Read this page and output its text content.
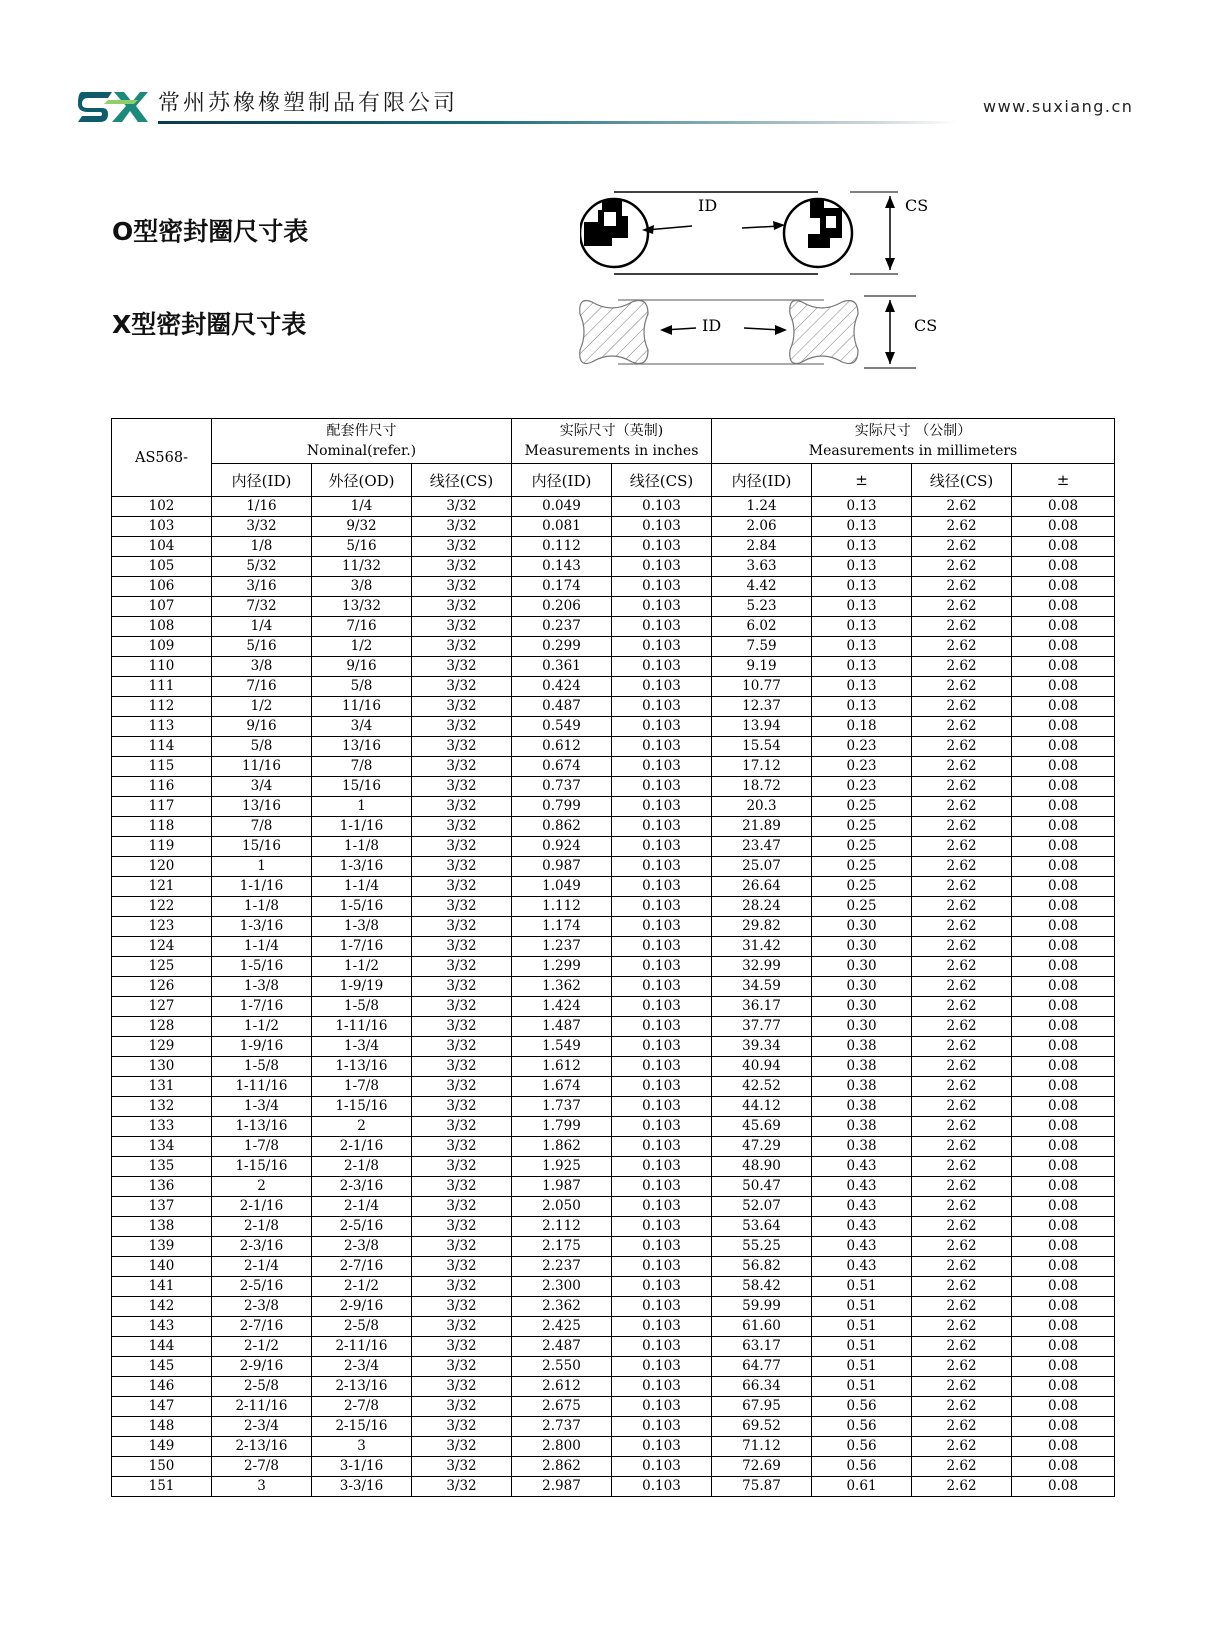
常州苏橡橡塑制品有限公司	www.suxiang.cn
O型密封圈尺寸表
X型密封圈尺寸表
ID	CS
ID	CS
AS568-	配套件尺寸
Nominal(refer.)			实际尺寸（英制)
Measurements in inches		实际尺寸 （公制）
Measurements in millimeters			

	内径(ID)	外径(OD)	线径(CS)	内径(ID)	线径(CS)	内径(ID)	±	线径(CS)	±
102	1/16	1/4	3/32	0.049	0.103	1.24	0.13	2.62	0.08
103	3/32	9/32	3/32	0.081	0.103	2.06	0.13	2.62	0.08
104	1/8	5/16	3/32	0.112	0.103	2.84	0.13	2.62	0.08
105	5/32	11/32	3/32	0.143	0.103	3.63	0.13	2.62	0.08
106	3/16	3/8	3/32	0.174	0.103	4.42	0.13	2.62	0.08
107	7/32	13/32	3/32	0.206	0.103	5.23	0.13	2.62	0.08
108	1/4	7/16	3/32	0.237	0.103	6.02	0.13	2.62	0.08
109	5/16	1/2	3/32	0.299	0.103	7.59	0.13	2.62	0.08
110	3/8	9/16	3/32	0.361	0.103	9.19	0.13	2.62	0.08
111	7/16	5/8	3/32	0.424	0.103	10.77	0.13	2.62	0.08
112	1/2	11/16	3/32	0.487	0.103	12.37	0.13	2.62	0.08
113	9/16	3/4	3/32	0.549	0.103	13.94	0.18	2.62	0.08
114	5/8	13/16	3/32	0.612	0.103	15.54	0.23	2.62	0.08
115	11/16	7/8	3/32	0.674	0.103	17.12	0.23	2.62	0.08
116	3/4	15/16	3/32	0.737	0.103	18.72	0.23	2.62	0.08
117	13/16	1	3/32	0.799	0.103	20.3	0.25	2.62	0.08
118	7/8	1-1/16	3/32	0.862	0.103	21.89	0.25	2.62	0.08
119	15/16	1-1/8	3/32	0.924	0.103	23.47	0.25	2.62	0.08
120	1	1-3/16	3/32	0.987	0.103	25.07	0.25	2.62	0.08
121	1-1/16	1-1/4	3/32	1.049	0.103	26.64	0.25	2.62	0.08
122	1-1/8	1-5/16	3/32	1.112	0.103	28.24	0.25	2.62	0.08
123	1-3/16	1-3/8	3/32	1.174	0.103	29.82	0.30	2.62	0.08
124	1-1/4	1-7/16	3/32	1.237	0.103	31.42	0.30	2.62	0.08
125	1-5/16	1-1/2	3/32	1.299	0.103	32.99	0.30	2.62	0.08
126	1-3/8	1-9/19	3/32	1.362	0.103	34.59	0.30	2.62	0.08
127	1-7/16	1-5/8	3/32	1.424	0.103	36.17	0.30	2.62	0.08
128	1-1/2	1-11/16	3/32	1.487	0.103	37.77	0.30	2.62	0.08
129	1-9/16	1-3/4	3/32	1.549	0.103	39.34	0.38	2.62	0.08
130	1-5/8	1-13/16	3/32	1.612	0.103	40.94	0.38	2.62	0.08
131	1-11/16	1-7/8	3/32	1.674	0.103	42.52	0.38	2.62	0.08
132	1-3/4	1-15/16	3/32	1.737	0.103	44.12	0.38	2.62	0.08
133	1-13/16	2	3/32	1.799	0.103	45.69	0.38	2.62	0.08
134	1-7/8	2-1/16	3/32	1.862	0.103	47.29	0.38	2.62	0.08
135	1-15/16	2-1/8	3/32	1.925	0.103	48.90	0.43	2.62	0.08
136	2	2-3/16	3/32	1.987	0.103	50.47	0.43	2.62	0.08
137	2-1/16	2-1/4	3/32	2.050	0.103	52.07	0.43	2.62	0.08
138	2-1/8	2-5/16	3/32	2.112	0.103	53.64	0.43	2.62	0.08
139	2-3/16	2-3/8	3/32	2.175	0.103	55.25	0.43	2.62	0.08
140	2-1/4	2-7/16	3/32	2.237	0.103	56.82	0.43	2.62	0.08
141	2-5/16	2-1/2	3/32	2.300	0.103	58.42	0.51	2.62	0.08
142	2-3/8	2-9/16	3/32	2.362	0.103	59.99	0.51	2.62	0.08
143	2-7/16	2-5/8	3/32	2.425	0.103	61.60	0.51	2.62	0.08
144	2-1/2	2-11/16	3/32	2.487	0.103	63.17	0.51	2.62	0.08
145	2-9/16	2-3/4	3/32	2.550	0.103	64.77	0.51	2.62	0.08
146	2-5/8	2-13/16	3/32	2.612	0.103	66.34	0.51	2.62	0.08
147	2-11/16	2-7/8	3/32	2.675	0.103	67.95	0.56	2.62	0.08
148	2-3/4	2-15/16	3/32	2.737	0.103	69.52	0.56	2.62	0.08
149	2-13/16	3	3/32	2.800	0.103	71.12	0.56	2.62	0.08
150	2-7/8	3-1/16	3/32	2.862	0.103	72.69	0.56	2.62	0.08
151	3	3-3/16	3/32	2.987	0.103	75.87	0.61	2.62	0.08
